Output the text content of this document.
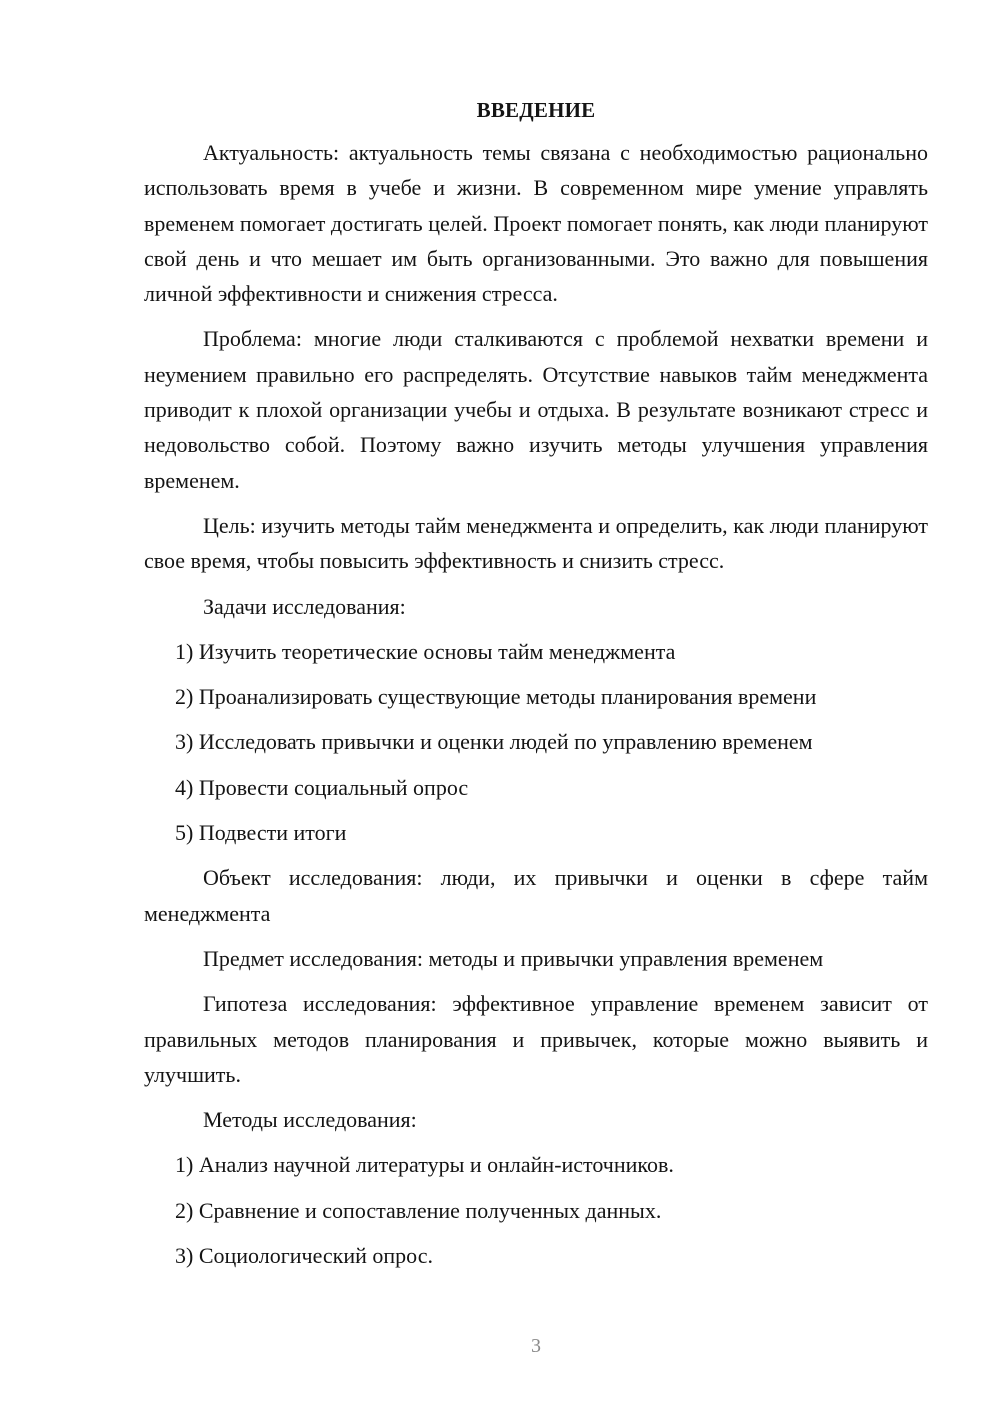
ВВЕДЕНИЕ

Актуальность: актуальность темы связана с необходимостью рационально использовать время в учебе и жизни. В современном мире умение управлять временем помогает достигать целей. Проект помогает понять, как люди планируют свой день и что мешает им быть организованными. Это важно для повышения личной эффективности и снижения стресса.

Проблема: многие люди сталкиваются с проблемой нехватки времени и неумением правильно его распределять. Отсутствие навыков тайм менеджмента приводит к плохой организации учебы и отдыха. В результате возникают стресс и недовольство собой. Поэтому важно изучить методы улучшения управления временем.

Цель: изучить методы тайм менеджмента и определить, как люди планируют свое время, чтобы повысить эффективность и снизить стресс.

Задачи исследования:

1) Изучить теоретические основы тайм менеджмента
2) Проанализировать существующие методы планирования времени
3) Исследовать привычки и оценки людей по управлению временем
4) Провести социальный опрос
5) Подвести итоги

Объект исследования: люди, их привычки и оценки в сфере тайм менеджмента

Предмет исследования: методы и привычки управления временем

Гипотеза исследования: эффективное управление временем зависит от правильных методов планирования и привычек, которые можно выявить и улучшить.

Методы исследования:

1) Анализ научной литературы и онлайн-источников.
2) Сравнение и сопоставление полученных данных.
3) Социологический опрос.
3
